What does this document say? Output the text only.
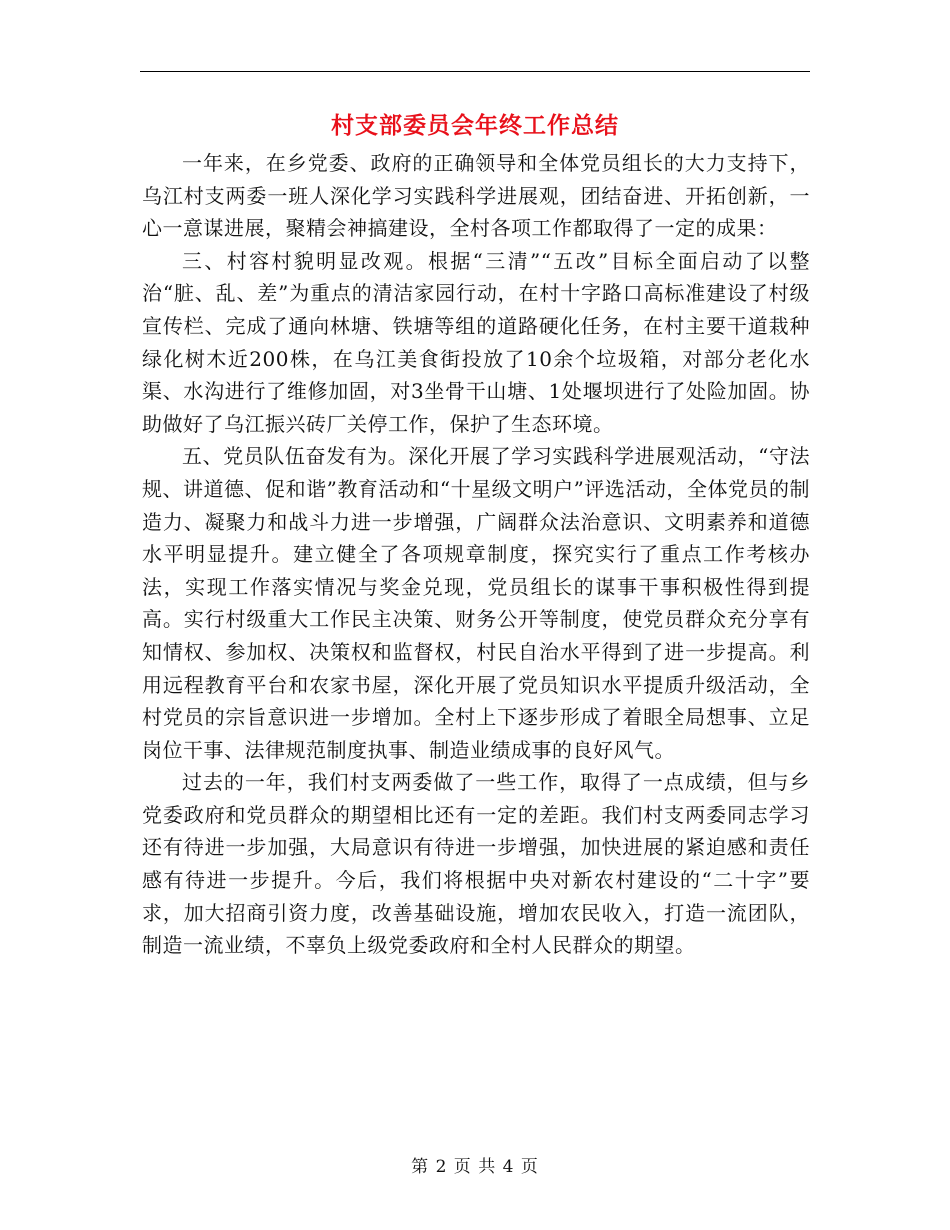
村支部委员会年终工作总结

一年来，在乡党委、政府的正确领导和全体党员组长的大力支持下，乌江村支两委一班人深化学习实践科学进展观，团结奋进、开拓创新，一心一意谋进展，聚精会神搞建设，全村各项工作都取得了一定的成果：

三、村容村貌明显改观。根据“三清”“五改”目标全面启动了以整治“脏、乱、差”为重点的清洁家园行动，在村十字路口高标准建设了村级宣传栏、完成了通向林塘、铁塘等组的道路硬化任务，在村主要干道栽种绿化树木近200株，在乌江美食街投放了10余个垃圾箱，对部分老化水渠、水沟进行了维修加固，对3坐骨干山塘、1处堰坝进行了处险加固。协助做好了乌江振兴砖厂关停工作，保护了生态环境。

五、党员队伍奋发有为。深化开展了学习实践科学进展观活动，“守法规、讲道德、促和谐”教育活动和“十星级文明户”评选活动，全体党员的制造力、凝聚力和战斗力进一步增强，广阔群众法治意识、文明素养和道德水平明显提升。建立健全了各项规章制度，探究实行了重点工作考核办法，实现工作落实情况与奖金兑现，党员组长的谋事干事积极性得到提高。实行村级重大工作民主决策、财务公开等制度，使党员群众充分享有知情权、参加权、决策权和监督权，村民自治水平得到了进一步提高。利用远程教育平台和农家书屋，深化开展了党员知识水平提质升级活动，全村党员的宗旨意识进一步增加。全村上下逐步形成了着眼全局想事、立足岗位干事、法律规范制度执事、制造业绩成事的良好风气。

过去的一年，我们村支两委做了一些工作，取得了一点成绩，但与乡党委政府和党员群众的期望相比还有一定的差距。我们村支两委同志学习还有待进一步加强，大局意识有待进一步增强，加快进展的紧迫感和责任感有待进一步提升。今后，我们将根据中央对新农村建设的“二十字”要求，加大招商引资力度，改善基础设施，增加农民收入，打造一流团队，制造一流业绩，不辜负上级党委政府和全村人民群众的期望。

第 2 页 共 4 页
